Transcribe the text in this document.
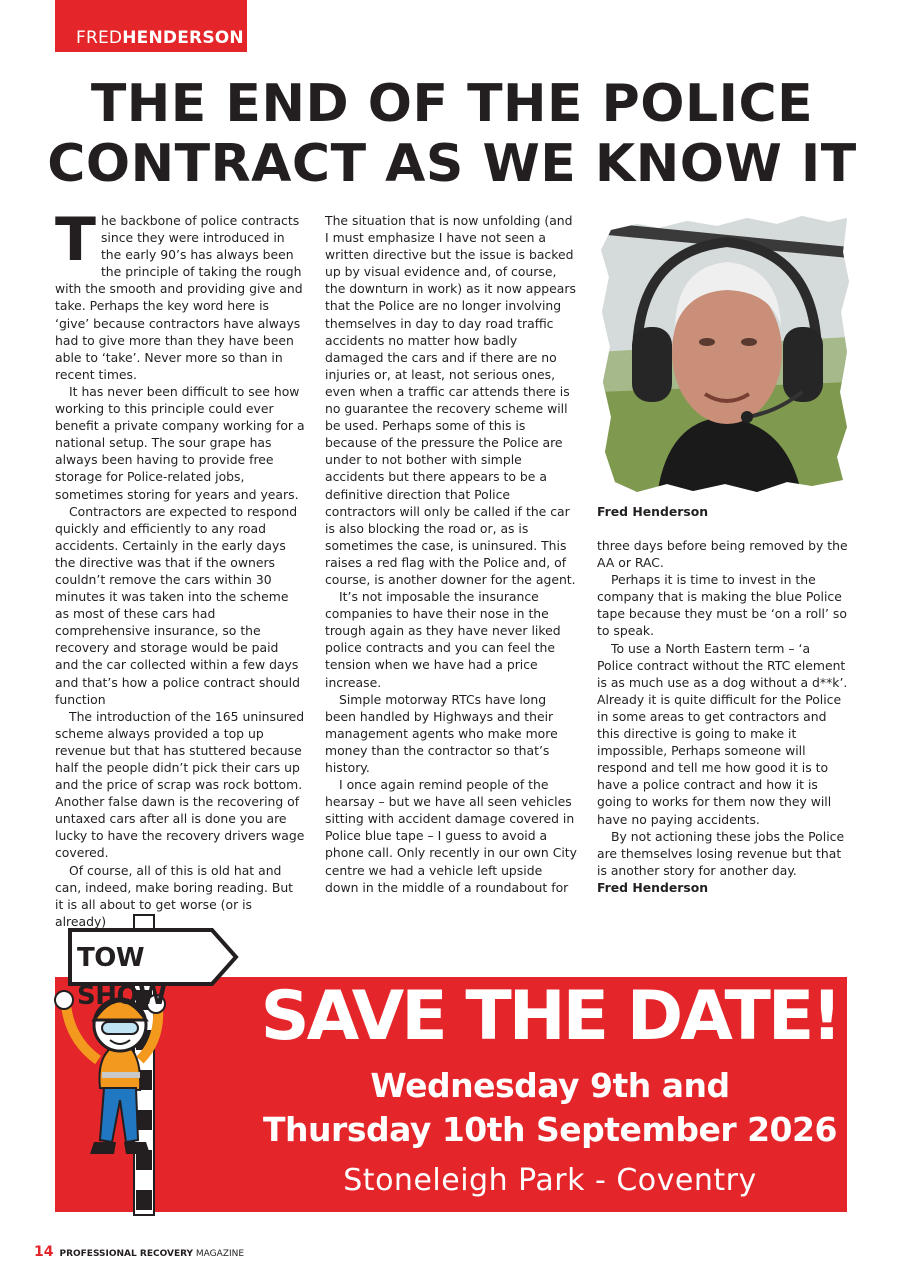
FREDHENDERSON
THE END OF THE POLICE
CONTRACT AS WE KNOW IT

The backbone of police contracts since they were introduced in the early 90’s has always been the principle of taking the rough with the smooth and providing give and take. Perhaps the key word here is ‘give’ because contractors have always had to give more than they have been able to ‘take’. Never more so than in recent times.

It has never been difficult to see how working to this principle could ever benefit a private company working for a national setup. The sour grape has always been having to provide free storage for Police-related jobs, sometimes storing for years and years.

Contractors are expected to respond quickly and efficiently to any road accidents. Certainly in the early days the directive was that if the owners couldn’t remove the cars within 30 minutes it was taken into the scheme as most of these cars had comprehensive insurance, so the recovery and storage would be paid and the car collected within a few days and that’s how a police contract should function

The introduction of the 165 uninsured scheme always provided a top up revenue but that has stuttered because half the people didn’t pick their cars up and the price of scrap was rock bottom. Another false dawn is the recovering of untaxed cars after all is done you are lucky to have the recovery drivers wage covered.

Of course, all of this is old hat and can, indeed, make boring reading. But it is all about to get worse (or is already)

The situation that is now unfolding (and I must emphasize I have not seen a written directive but the issue is backed up by visual evidence and, of course, the downturn in work) as it now appears that the Police are no longer involving themselves in day to day road traffic accidents no matter how badly damaged the cars and if there are no injuries or, at least, not serious ones, even when a traffic car attends there is no guarantee the recovery scheme will be used. Perhaps some of this is because of the pressure the Police are under to not bother with simple accidents but there appears to be a definitive direction that Police contractors will only be called if the car is also blocking the road or, as is sometimes the case, is uninsured. This raises a red flag with the Police and, of course, is another downer for the agent.

It’s not imposable the insurance companies to have their nose in the trough again as they have never liked police contracts and you can feel the tension when we have had a price increase.

Simple motorway RTCs have long been handled by Highways and their management agents who make more money than the contractor so that’s history.

I once again remind people of the hearsay – but we have all seen vehicles sitting with accident damage covered in Police blue tape – I guess to avoid a phone call. Only recently in our own City centre we had a vehicle left upside down in the middle of a roundabout for

Fred Henderson

three days before being removed by the AA or RAC.

Perhaps it is time to invest in the company that is making the blue Police tape because they must be ‘on a roll’ so to speak.

To use a North Eastern term – ‘a Police contract without the RTC element is as much use as a dog without a d**k’. Already it is quite difficult for the Police in some areas to get contractors and this directive is going to make it impossible, Perhaps someone will respond and tell me how good it is to have a police contract and how it is going to works for them now they will have no paying accidents.

By not actioning these jobs the Police are themselves losing revenue but that is another story for another day.

Fred Henderson

SAVE THE DATE!
Wednesday 9th and
Thursday 10th September 2026
Stoneleigh Park - Coventry
TOW SHOW
14 PROFESSIONAL RECOVERY MAGAZINE
